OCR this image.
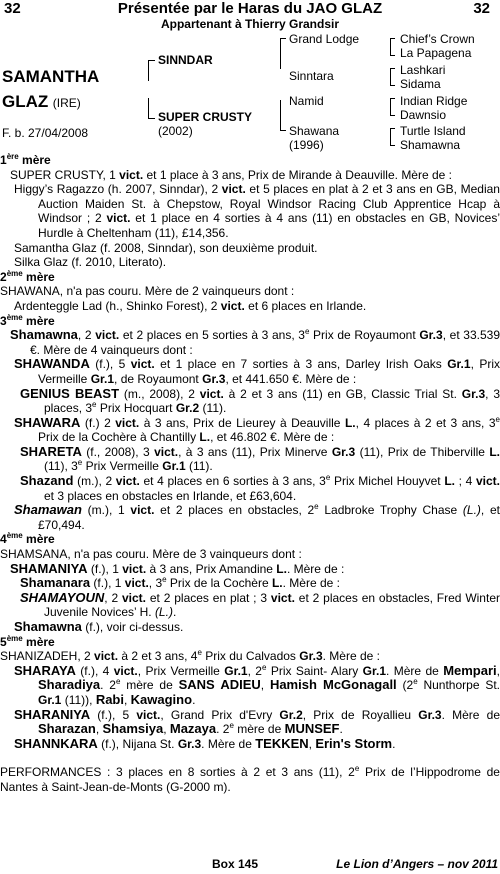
32	Présentée par le Haras du JAO GLAZ	32
Appartenant à Thierry Grandsir
SAMANTHA
GLAZ (IRE)
F. b. 27/04/2008
SINNDAR
SUPER CRUSTY
(2002)
Grand Lodge
Sinntara
Namid
Shawana
(1996)
Chief’s Crown
La Papagena
Lashkari
Sidama
Indian Ridge
Dawnsio
Turtle Island
Shamawna

1ère mère

SUPER CRUSTY, 1 vict. et 1 place à 3 ans, Prix de Mirande à Deauville. Mère de :

Higgy’s Ragazzo (h. 2007, Sinndar), 2 vict. et 5 places en plat à 2 et 3 ans en GB, Median Auction Maiden St. à Chepstow, Royal Windsor Racing Club Apprentice Hcap à Windsor ; 2 vict. et 1 place en 4 sorties à 4 ans (11) en obstacles en GB, Novices’ Hurdle à Cheltenham (11), £14,356.

Samantha Glaz (f. 2008, Sinndar), son deuxième produit.

Silka Glaz (f. 2010, Literato).

2ème mère

SHAWANA, n'a pas couru. Mère de 2 vainqueurs dont :

Ardenteggle Lad (h., Shinko Forest), 2 vict. et 6 places en Irlande.

3ème mère

Shamawna, 2 vict. et 2 places en 5 sorties à 3 ans, 3e Prix de Royaumont Gr.3, et 33.539 €. Mère de 4 vainqueurs dont :

SHAWANDA (f.), 5 vict. et 1 place en 7 sorties à 3 ans, Darley Irish Oaks Gr.1, Prix Vermeille Gr.1, de Royaumont Gr.3, et 441.650 €. Mère de :

GENIUS BEAST (m., 2008), 2 vict. à 2 et 3 ans (11) en GB, Classic Trial St. Gr.3, 3 places, 3e Prix Hocquart Gr.2 (11).

SHAWARA (f.) 2 vict. à 3 ans, Prix de Lieurey à Deauville L., 4 places à 2 et 3 ans, 3e Prix de la Cochère à Chantilly L., et 46.802 €. Mère de :

SHARETA (f., 2008), 3 vict., à 3 ans (11), Prix Minerve Gr.3 (11), Prix de Thiberville L. (11), 3e Prix Vermeille Gr.1 (11).

Shazand (m.), 2 vict. et 4 places en 6 sorties à 3 ans, 3e Prix Michel Houyvet L. ; 4 vict. et 3 places en obstacles en Irlande, et £63,604.

Shamawan (m.), 1 vict. et 2 places en obstacles, 2e Ladbroke Trophy Chase (L.), et £70,494.

4ème mère

SHAMSANA, n'a pas couru. Mère de 3 vainqueurs dont :

SHAMANIYA (f.), 1 vict. à 3 ans, Prix Amandine L.. Mère de :

Shamanara (f.), 1 vict., 3e Prix de la Cochère L.. Mère de :

SHAMAYOUN, 2 vict. et 2 places en plat ; 3 vict. et 2 places en obstacles, Fred Winter Juvenile Novices’ H. (L.).

Shamawna (f.), voir ci-dessus.

5ème mère

SHANIZADEH, 2 vict. à 2 et 3 ans, 4e Prix du Calvados Gr.3. Mère de :

SHARAYA (f.), 4 vict., Prix Vermeille Gr.1, 2e Prix Saint- Alary Gr.1. Mère de Mempari, Sharadiya. 2e mère de SANS ADIEU, Hamish McGonagall (2e Nunthorpe St. Gr.1 (11)), Rabi, Kawagino.

SHARANIYA (f.), 5 vict., Grand Prix d'Evry Gr.2, Prix de Royallieu Gr.3. Mère de Sharazan, Shamsiya, Mazaya. 2e mère de MUNSEF.

SHANNKARA (f.), Nijana St. Gr.3. Mère de TEKKEN, Erin's Storm.

PERFORMANCES : 3 places en 8 sorties à 2 et 3 ans (11), 2e Prix de l’Hippodrome de Nantes à Saint-Jean-de-Monts (G-2000 m).

Box 145	Le Lion d’Angers – nov 2011
